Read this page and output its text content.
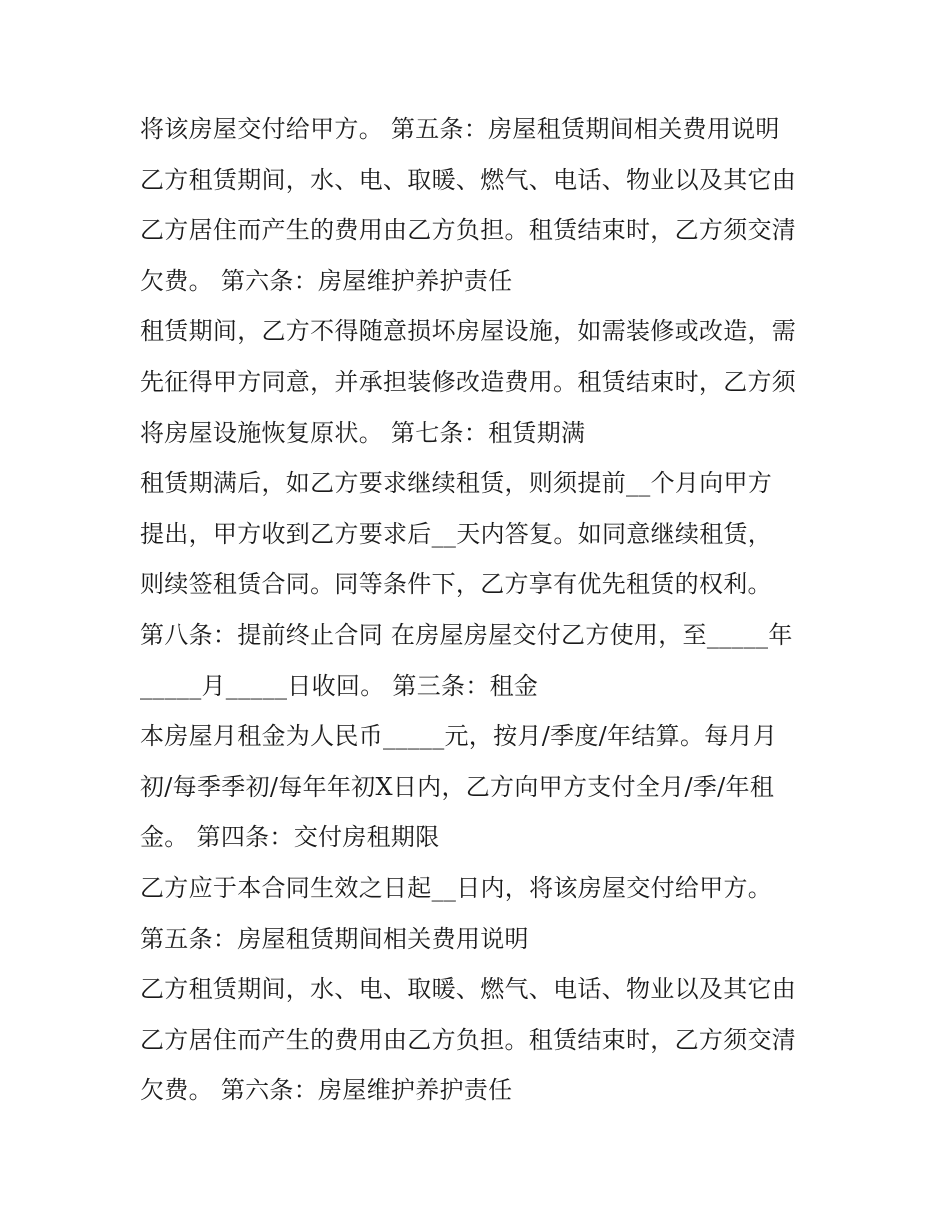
将该房屋交付给甲方。 第五条：房屋租赁期间相关费用说明
乙方租赁期间，水、电、取暖、燃气、电话、物业以及其它由
乙方居住而产生的费用由乙方负担。租赁结束时，乙方须交清
欠费。 第六条：房屋维护养护责任
租赁期间，乙方不得随意损坏房屋设施，如需装修或改造，需
先征得甲方同意，并承担装修改造费用。租赁结束时，乙方须
将房屋设施恢复原状。 第七条：租赁期满
租赁期满后，如乙方要求继续租赁，则须提前__个月向甲方
提出，甲方收到乙方要求后__天内答复。如同意继续租赁，
则续签租赁合同。同等条件下，乙方享有优先租赁的权利。
第八条：提前终止合同 在房屋房屋交付乙方使用，至_____年
_____月_____日收回。 第三条：租金
本房屋月租金为人民币_____元，按月/季度/年结算。每月月
初/每季季初/每年年初X日内，乙方向甲方支付全月/季/年租
金。 第四条：交付房租期限
乙方应于本合同生效之日起__日内，将该房屋交付给甲方。
第五条：房屋租赁期间相关费用说明
乙方租赁期间，水、电、取暖、燃气、电话、物业以及其它由
乙方居住而产生的费用由乙方负担。租赁结束时，乙方须交清
欠费。 第六条：房屋维护养护责任
